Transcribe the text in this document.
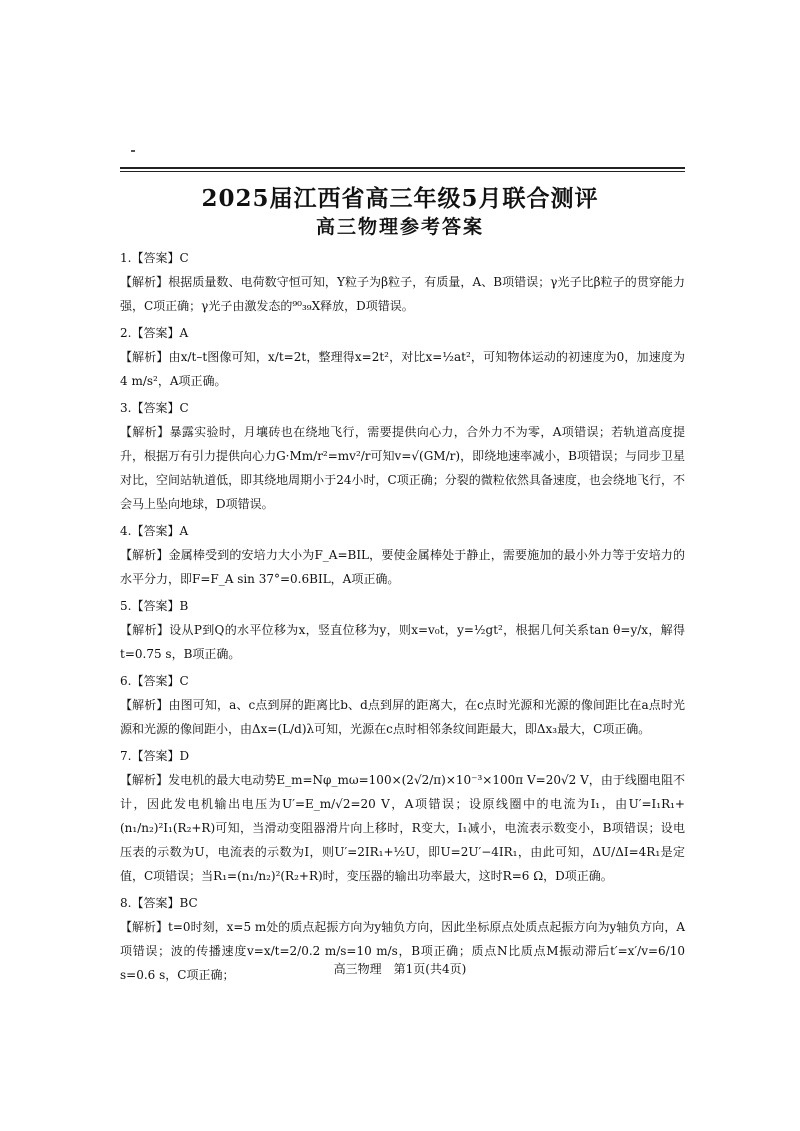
2025届江西省高三年级5月联合测评
高三物理参考答案

1.【答案】C

【解析】根据质量数、电荷数守恒可知，Y粒子为β粒子，有质量，A、B项错误；γ光子比β粒子的贯穿能力强，C项正确；γ光子由激发态的⁹⁰₃₉X释放，D项错误。

2.【答案】A

【解析】由x/t–t图像可知，x/t=2t，整理得x=2t²，对比x=½at²，可知物体运动的初速度为0，加速度为4 m/s²，A项正确。

3.【答案】C

【解析】暴露实验时，月壤砖也在绕地飞行，需要提供向心力，合外力不为零，A项错误；若轨道高度提升，根据万有引力提供向心力G·Mm/r²=mv²/r可知v=√(GM/r)，即绕地速率减小，B项错误；与同步卫星对比，空间站轨道低，即其绕地周期小于24小时，C项正确；分裂的微粒依然具备速度，也会绕地飞行，不会马上坠向地球，D项错误。

4.【答案】A

【解析】金属棒受到的安培力大小为F_A=BIL，要使金属棒处于静止，需要施加的最小外力等于安培力的水平分力，即F=F_A sin 37°=0.6BIL，A项正确。

5.【答案】B

【解析】设从P到Q的水平位移为x，竖直位移为y，则x=v₀t，y=½gt²，根据几何关系tan θ=y/x，解得t=0.75 s，B项正确。

6.【答案】C

【解析】由图可知，a、c点到屏的距离比b、d点到屏的距离大，在c点时光源和光源的像间距比在a点时光源和光源的像间距小，由Δx=(L/d)λ可知，光源在c点时相邻条纹间距最大，即Δx₃最大，C项正确。

7.【答案】D

【解析】发电机的最大电动势E_m=Nφ_mω=100×(2√2/π)×10⁻³×100π V=20√2 V，由于线圈电阻不计，因此发电机输出电压为U′=E_m/√2=20 V，A项错误；设原线圈中的电流为I₁，由U′=I₁R₁+(n₁/n₂)²I₁(R₂+R)可知，当滑动变阻器滑片向上移时，R变大，I₁减小，电流表示数变小，B项错误；设电压表的示数为U，电流表的示数为I，则U′=2IR₁+½U，即U=2U′−4IR₁，由此可知，ΔU/ΔI=4R₁是定值，C项错误；当R₁=(n₁/n₂)²(R₂+R)时，变压器的输出功率最大，这时R=6 Ω，D项正确。

8.【答案】BC

【解析】t=0时刻，x=5 m处的质点起振方向为y轴负方向，因此坐标原点处质点起振方向为y轴负方向，A项错误；波的传播速度v=x/t=2/0.2 m/s=10 m/s，B项正确；质点N比质点M振动滞后t′=x′/v=6/10 s=0.6 s，C项正确；	高三物理　第1页(共4页)
